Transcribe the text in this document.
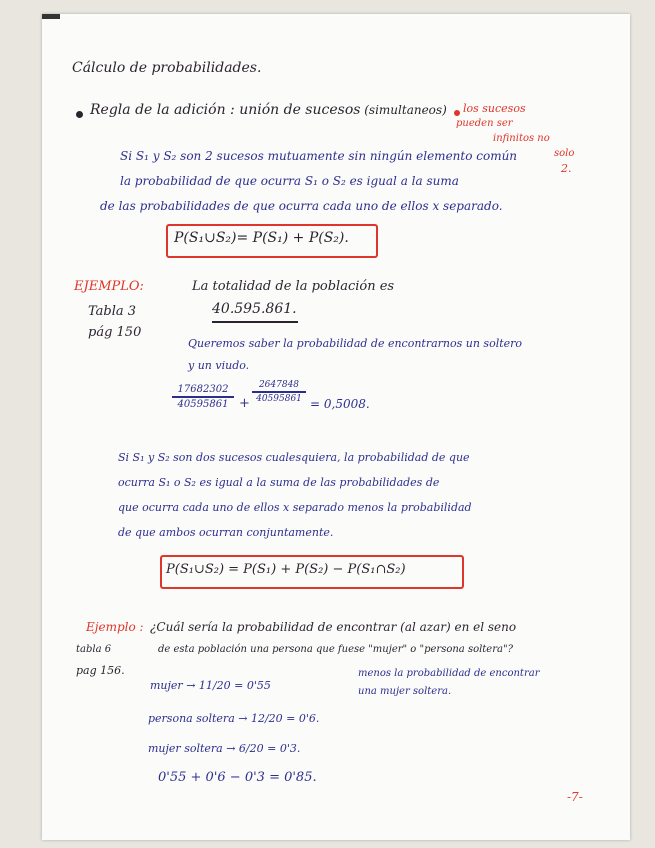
Cálculo de probabilidades.
Regla de la adición : unión de sucesos (simultaneos) los sucesos
pueden ser
infinitos no
solo
2.
Si S₁ y S₂ son 2 sucesos mutuamente sin ningún elemento común
la probabilidad de que ocurra S₁ o S₂ es igual a la suma
de las probabilidades de que ocurra cada uno de ellos x separado.
P(S₁∪S₂)= P(S₁) + P(S₂).
EJEMPLO:	La totalidad de la población es
Tabla 3
pág 150
40.595.861.
Queremos saber la probabilidad de encontrarnos un soltero
y un viudo.
17682302
40595861 +
2647848
40595861 = 0,5008.
Si S₁ y S₂ son dos sucesos cualesquiera, la probabilidad de que
ocurra S₁ o S₂ es igual a la suma de las probabilidades de
que ocurra cada uno de ellos x separado menos la probabilidad
de que ambos ocurran conjuntamente.
P(S₁∪S₂) = P(S₁) + P(S₂) − P(S₁∩S₂)
Ejemplo : ¿Cuál sería la probabilidad de encontrar (al azar) en el seno
tabla 6
pag 156.
de esta población una persona que fuese "mujer" o "persona soltera"?
menos la probabilidad de encontrar
una mujer soltera.
mujer → 11/20 = 0'55
persona soltera → 12/20 = 0'6.
mujer soltera → 6/20 = 0'3.
0'55 + 0'6 − 0'3 = 0'85.
-7-
